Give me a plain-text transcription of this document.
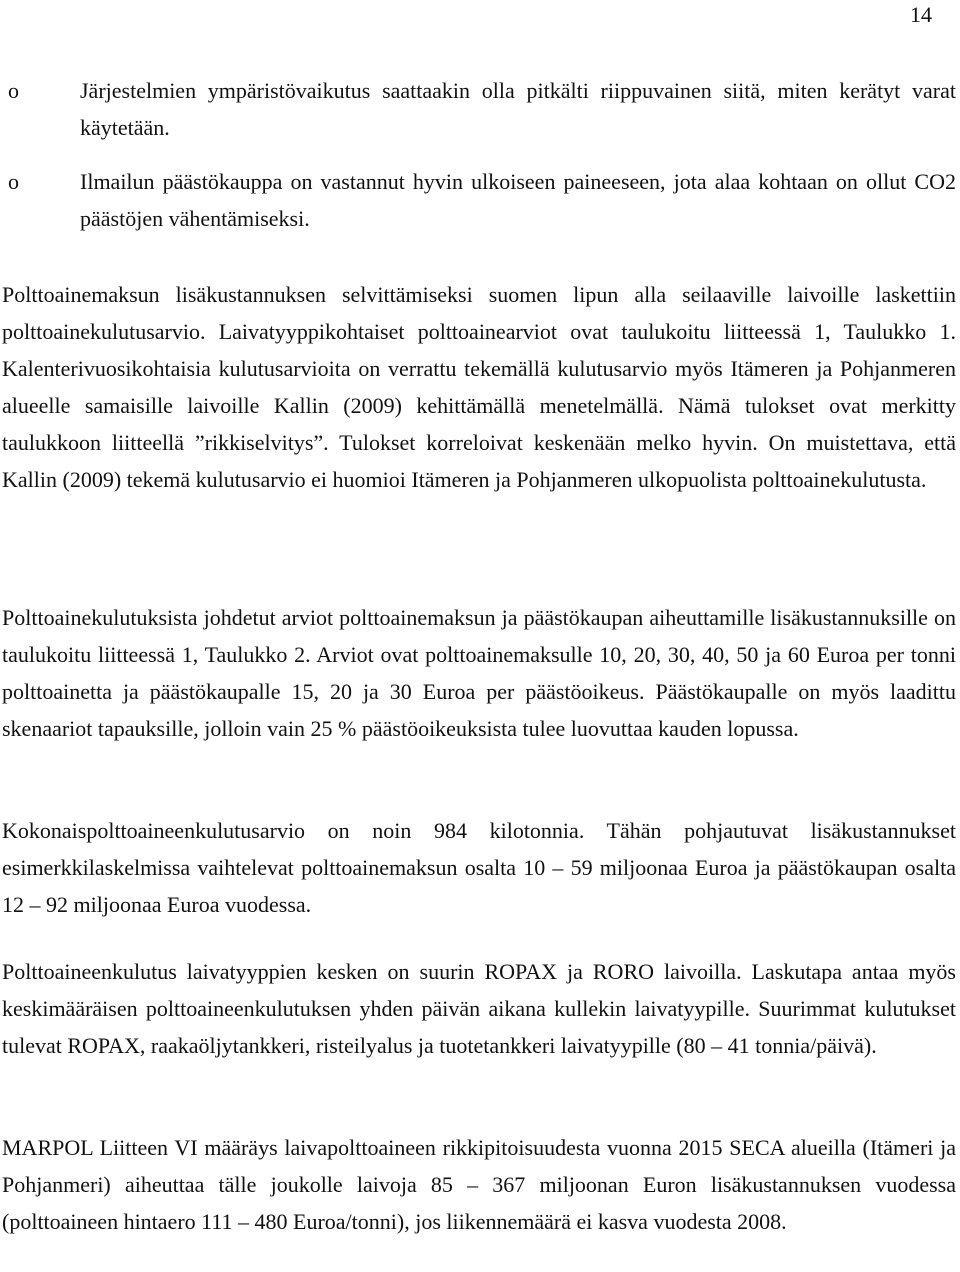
14
o	Järjestelmien ympäristövaikutus saattaakin olla pitkälti riippuvainen siitä, miten kerätyt varat käytetään.
o	Ilmailun päästökauppa on vastannut hyvin ulkoiseen paineeseen, jota alaa kohtaan on ollut CO2 päästöjen vähentämiseksi.

Polttoainemaksun lisäkustannuksen selvittämiseksi suomen lipun alla seilaaville laivoille laskettiin polttoainekulutusarvio. Laivatyyppikohtaiset polttoainearviot ovat taulukoitu liitteessä 1, Taulukko 1. Kalenterivuosikohtaisia kulutusarvioita on verrattu tekemällä kulutusarvio myös Itämeren ja Pohjanmeren alueelle samaisille laivoille Kallin (2009) kehittämällä menetelmällä. Nämä tulokset ovat merkitty taulukkoon liitteellä ”rikkiselvitys”. Tulokset korreloivat keskenään melko hyvin. On muistettava, että Kallin (2009) tekemä kulutusarvio ei huomioi Itämeren ja Pohjanmeren ulkopuolista polttoainekulutusta.

Polttoainekulutuksista johdetut arviot polttoainemaksun ja päästökaupan aiheuttamille lisäkustannuksille on taulukoitu liitteessä 1, Taulukko 2. Arviot ovat polttoainemaksulle 10, 20, 30, 40, 50 ja 60 Euroa per tonni polttoainetta ja päästökaupalle 15, 20 ja 30 Euroa per päästöoikeus. Päästökaupalle on myös laadittu skenaariot tapauksille, jolloin vain 25 % päästöoikeuksista tulee luovuttaa kauden lopussa.

Kokonaispolttoaineenkulutusarvio on noin 984 kilotonnia. Tähän pohjautuvat lisäkustannukset esimerkkilaskelmissa vaihtelevat polttoainemaksun osalta 10 – 59 miljoonaa Euroa ja päästökaupan osalta 12 – 92 miljoonaa Euroa vuodessa.

Polttoaineenkulutus laivatyyppien kesken on suurin ROPAX ja RORO laivoilla. Laskutapa antaa myös keskimääräisen polttoaineenkulutuksen yhden päivän aikana kullekin laivatyypille. Suurimmat kulutukset tulevat ROPAX, raakaöljytankkeri, risteilyalus ja tuotetankkeri laivatyypille (80 – 41 tonnia/päivä).

MARPOL Liitteen VI määräys laivapolttoaineen rikkipitoisuudesta vuonna 2015 SECA alueilla (Itämeri ja Pohjanmeri) aiheuttaa tälle joukolle laivoja 85 – 367 miljoonan Euron lisäkustannuksen vuodessa (polttoaineen hintaero 111 – 480 Euroa/tonni), jos liikennemäärä ei kasva vuodesta 2008.
